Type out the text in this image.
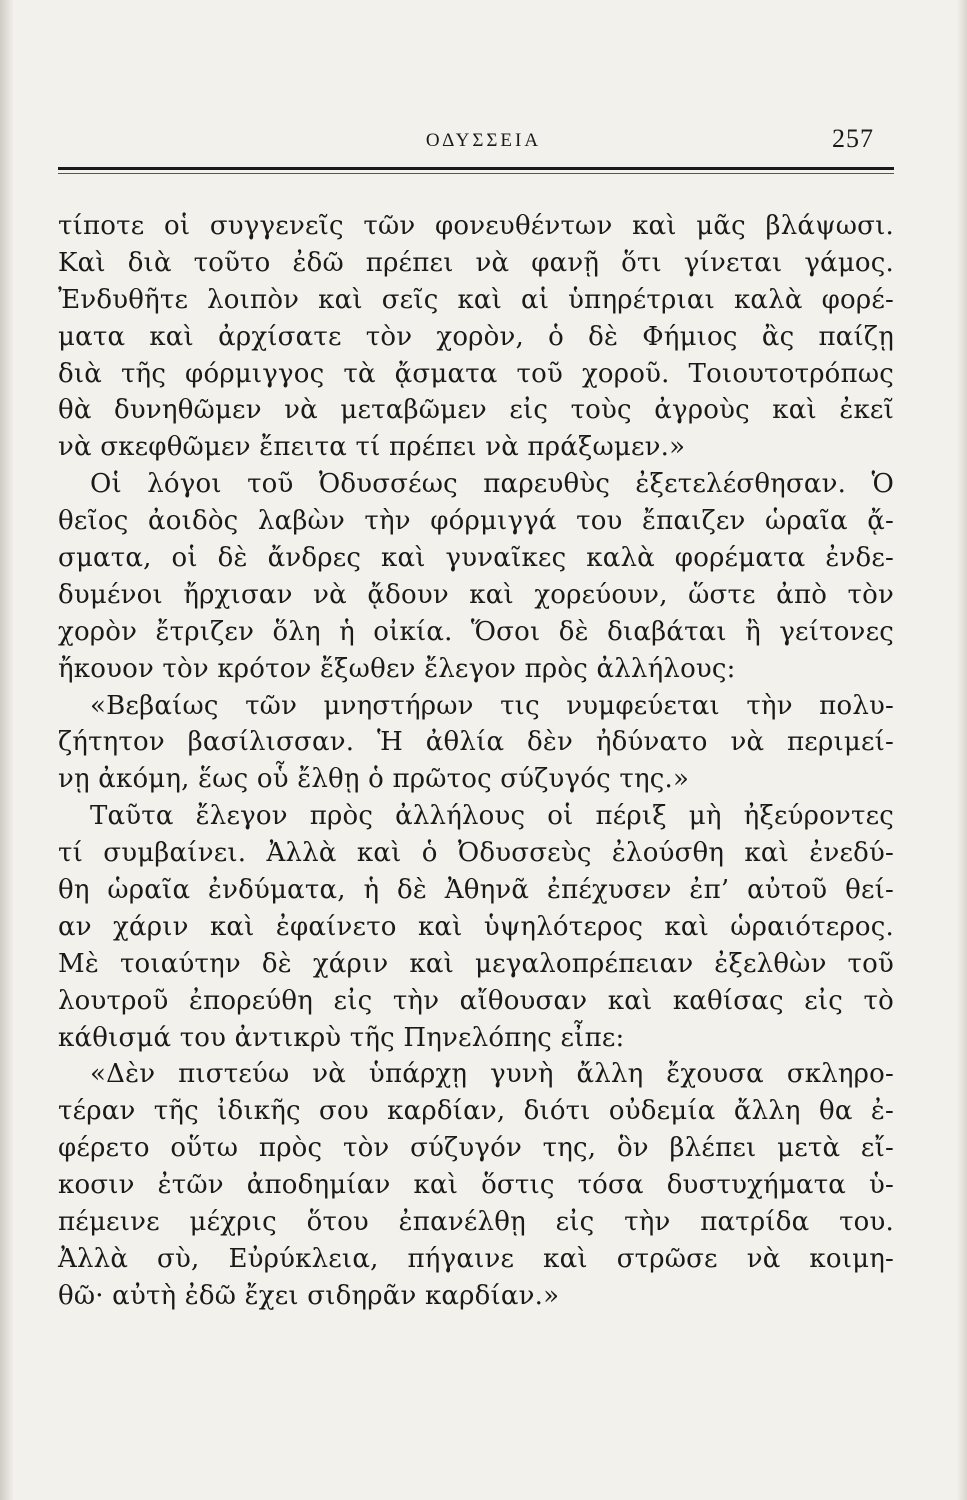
ΟΔΥΣΣΕΙΑ	257
τίποτε οἱ συγγενεῖς τῶν φονευθέντων καὶ μᾶς βλάψωσι.
Καὶ διὰ τοῦτο ἐδῶ πρέπει νὰ φανῇ ὅτι γίνεται γάμος.
Ἐνδυθῆτε λοιπὸν καὶ σεῖς καὶ αἱ ὑπηρέτριαι καλὰ φορέ-
ματα καὶ ἀρχίσατε τὸν χορὸν, ὁ δὲ Φήμιος ἂς παίζῃ
διὰ τῆς φόρμιγγος τὰ ᾄσματα τοῦ χοροῦ. Τοιουτοτρόπως
θὰ δυνηθῶμεν νὰ μεταβῶμεν εἰς τοὺς ἀγροὺς καὶ ἐκεῖ
νὰ σκεφθῶμεν ἔπειτα τί πρέπει νὰ πράξωμεν.»
Οἱ λόγοι τοῦ Ὀδυσσέως παρευθὺς ἐξετελέσθησαν. Ὁ
θεῖος ἀοιδὸς λαβὼν τὴν φόρμιγγά του ἔπαιζεν ὡραῖα ᾄ-
σματα, οἱ δὲ ἄνδρες καὶ γυναῖκες καλὰ φορέματα ἐνδε-
δυμένοι ἤρχισαν νὰ ᾄδουν καὶ χορεύουν, ὥστε ἀπὸ τὸν
χορὸν ἔτριζεν ὅλη ἡ οἰκία. Ὅσοι δὲ διαβάται ἢ γείτονες
ἤκουον τὸν κρότον ἔξωθεν ἔλεγον πρὸς ἀλλήλους:
«Βεβαίως τῶν μνηστήρων τις νυμφεύεται τὴν πολυ-
ζήτητον βασίλισσαν. Ἡ ἀθλία δὲν ἠδύνατο νὰ περιμεί-
νῃ ἀκόμη, ἕως οὗ ἔλθῃ ὁ πρῶτος σύζυγός της.»
Ταῦτα ἔλεγον πρὸς ἀλλήλους οἱ πέριξ μὴ ἠξεύροντες
τί συμβαίνει. Ἀλλὰ καὶ ὁ Ὀδυσσεὺς ἐλούσθη καὶ ἐνεδύ-
θη ὡραῖα ἐνδύματα, ἡ δὲ Ἀθηνᾶ ἐπέχυσεν ἐπ’ αὐτοῦ θεί-
αν χάριν καὶ ἐφαίνετο καὶ ὑψηλότερος καὶ ὡραιότερος.
Μὲ τοιαύτην δὲ χάριν καὶ μεγαλοπρέπειαν ἐξελθὼν τοῦ
λουτροῦ ἐπορεύθη εἰς τὴν αἴθουσαν καὶ καθίσας εἰς τὸ
κάθισμά του ἀντικρὺ τῆς Πηνελόπης εἶπε:
«Δὲν πιστεύω νὰ ὑπάρχῃ γυνὴ ἄλλη ἔχουσα σκληρο-
τέραν τῆς ἰδικῆς σου καρδίαν, διότι οὐδεμία ἄλλη θα ἐ-
φέρετο οὕτω πρὸς τὸν σύζυγόν της, ὃν βλέπει μετὰ εἴ-
κοσιν ἐτῶν ἀποδημίαν καὶ ὅστις τόσα δυστυχήματα ὑ-
πέμεινε μέχρις ὅτου ἐπανέλθῃ εἰς τὴν πατρίδα του.
Ἀλλὰ σὺ, Εὐρύκλεια, πήγαινε καὶ στρῶσε νὰ κοιμη-
θῶ· αὐτὴ ἐδῶ ἔχει σιδηρᾶν καρδίαν.»
